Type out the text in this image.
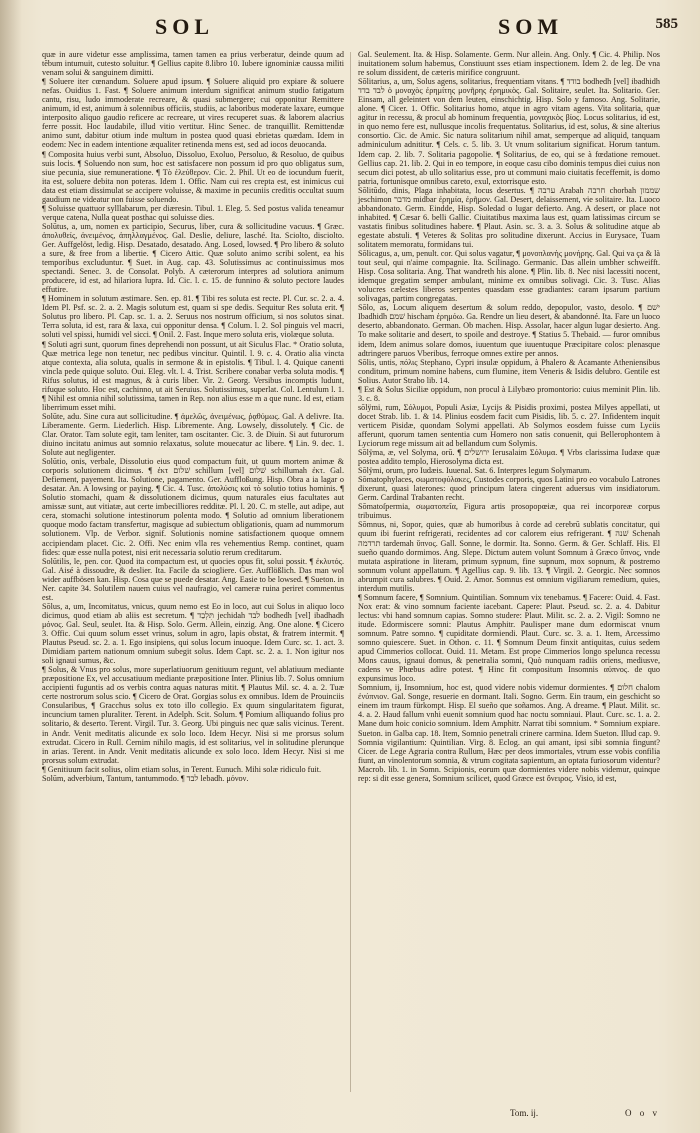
SOL	SOM	585

quæ in aure videtur esse amplissima, tamen tamen ea prius verberatur, deinde quum ad tĕbum intumuit, cutesto soluitur. ¶ Gellius capite 8.libro 10. Iubere ignominiæ caussa militi venam solui & sanguinem dimitti.

¶ Soluere iter cœnandum. Soluere apud ipsum. ¶ Soluere aliquid pro expiare & soluere nefas. Ouidius 1. Fast. ¶ Soluere animum interdum significat animum studio fatigatum cantu, risu, ludo immoderate recreare, & quasi submergere; cui opponitur Remittere animum, id est, animum à solennibus officiis, studiis, ac laboribus moderate laxare, eumque interposito aliquo gaudio reficere ac recreare, ut vires recuperet suas. & laborem alacrius ferre possit. Hoc laudabile, illud vitio vertitur. Hinc Senec. de tranquillit. Remittendæ animo sunt, dabitur otium inde multum in postea quod quasi ebrietas quædam. Idem in eodem: Nec in eadem intentione æqualiter retinenda mens est, sed ad iocos deuocanda.

¶ Composita huius verbi sunt, Absoluo, Dissoluo, Exoluo, Persoluo, & Resoluo, de quibus suis locis. ¶ Soluendo non sum, hoc est satisfacere non possum id pro quo obligatus sum, siue pecunia, siue remuneratione. ¶ Τὸ ἐλεύθερον. Cic. 2. Phil. Ut eo de iocundum fuerit, ita est, soluere debita non poteras. Idem 1. Offic. Nam cui res crepta est, est inimicus cui data est etiam dissimulat se accipere voluisse, & maxime in pecuniis creditis occultat suum gaudium ne videatur non fuisse soluendo.

¶ Soluisse quattuor sylllabarum, per diæresin. Tibul. 1. Eleg. 5. Sed postus valida teneamur verque catena, Nulla queat posthac qui soluisse dies.

Solūtus, a, um, nomen ex participio, Securus, liber, cura & sollicitudine vacuus. ¶ Græc. ἀπολυθείς, ἀνειμένος, ἀπηλλαγμένος. Gal. Deslie, deliure, lasché. Ita. Sciolto, disciolto. Ger. Auffgelöst, ledig. Hisp. Desatado, desatado. Ang. Losed, lowsed. ¶ Pro libero & soluto a sure, & free from a libertie. ¶ Cicero Attic. Quæ soluto animo scribi solent, ea his temporibus excluduntur. ¶ Suet. in Aug. cap. 43. Solutissimus ac continuissimus mos spectandi. Senec. 3. de Consolat. Polyb. A cæterorum interpres ad solutiora animum producere, id est, ad hilariora lupra. Id. Cic. l. c. 15. de funnino & soluto pectore laudes effutire.

¶ Hominem in solutum æstimare. Sen. ep. 81. ¶ Tibi res soluta est recte. Pl. Cur. sc. 2. a. 4. Idem Pl. Psf. sc. 2. a. 2. Magis solutum est, quam si spe dedis. Sequitur Res soluta erit. ¶ Solutus pro libero. Pl. Cap. sc. 1. a. 2. Seruus nos nostrum officium, si nos solutos sinat. Terra soluta, id est, rara & laxa, cui opponitur densa. ¶ Colum. l. 2. Sol pinguis vel macri, soluti vel spissi, humidi vel sicci. ¶ Onil. 2. Fast. Inque mero soluta eris, violæque soluta.

¶ Soluti agri sunt, quorum fines deprehendi non possunt, ut ait Siculus Flac. * Oratio soluta, Quæ metrica lege non tenetur, nec pedibus vincitur. Quintil. l. 9. c. 4. Oratio alia vincta atque contexta, alia soluta, qualis in sermone & in epistolis. ¶ Tibul. l. 4. Quique canenti vincla pede quique soluto. Oui. Eleg. vlt. l. 4. Trist. Scribere conabar verba soluta modis. ¶ Rifus solutus, id est magnus, & à curis liber. Vir. 2. Georg. Versibus incomptis ludunt, rifuque soluto. Hoc est, cachinno, ut ait Seruius. Solutissimus, superlat. Col. Lentulum l. 1. ¶ Nihil est omnia nihil solutissima, tamen in Rep. non alius esse m a que nunc. Id est, etiam liberrimum esset mihi.

Solūte, adu. Sine cura aut sollicitudine. ¶ ἀμελῶς, ἀνειμένως, ῥᾳθύμως. Gal. A delivre. Ita. Liberamente. Germ. Liederlich. Hisp. Libremente. Ang. Lowsely, dissolutely. ¶ Cic. de Clar. Orator. Tam solute egit, tam leniter, tam oscitanter. Cic. 3. de Diuin. Si aut futurorum diuino incitatu animus aut somnio relaxatus, solute mouecatur ac libere. ¶ Lin. 9. dec. 1. Solute aut negligenter.

Solūtio, onis, verbale, Dissolutio eius quod compactum fuit, ut quum mortem animæ & corporis solutionem dicimus. ¶ ἐκτ שׁלום schillum [vel] שׁלום schillumah ἐκτ. Gal. Defiement, payement. Ita. Solutione, pagamento. Ger. Auffloßung. Hisp. Obra a ia lagar o desatar. An. A lowsing or paying. ¶ Cic. 4. Tusc. ἀπολύσις καὶ τὸ solutio totius hominis. ¶ Solutio stomachi, quam & dissolutionem dicimus, quum naturales eius facultates aut amissæ sunt, aut vitiatæ, aut certe imbecilliores redditæ. Pl. l. 20. C. m stelle, aut adipe, aut cera, stomachi solutione intestinorum polenta modo. ¶ Solutio ad omnium liberationem quoque modo factam transfertur, magisque ad subiectum obligationis, quam ad nummorum solutionem. Vlp. de Verbor. signif. Solutionis nomine satisfactionem quoque omnem accipiendam placet. Cic. 2. Offi. Nec enim vlla res vehementius Remp. continet, quam fides: quæ esse nulla potest, nisi erit necessaria solutio rerum creditarum.

Solūtilis, le, pen. cor. Quod ita compactum est, ut quocies opus fit, solui possit. ¶ ἐκλυτός. Gal. Aisé à dissoudre, & deslier. Ita. Facile da sciogliere. Ger. Aufflößlich. Das man wol wider auffbösen kan. Hisp. Cosa que se puede desatar. Ang. Easie to be lowsed. ¶ Sueton. in Ner. capite 34. Solutilem nauem cuius vel naufragio, vel cameræ ruina periret commentus est.

Sōlus, a, um, Incomitatus, vnicus, quum nemo est Eo in loco, aut cui Solus in aliquo loco dicimus, quod etiam ab aliis est secretum. ¶ תִּלְבַד jechidah לבד bodhedh [vel] ibadhadh μόνος. Gal. Seul, seulet. Ita. & Hisp. Solo. Germ. Allein, einzig. Ang. One alone. ¶ Cicero 3. Offic. Cui quum solum esset vrinus, solum in agro, lapis obstat, & fratrem intermit. ¶ Plautus Pseud. sc. 2. a. 1. Ego insipiens, qui solus locum inuoque. Idem Curc. sc. 1. act. 3. Dimidiam partem nationum omnium subegit solus. Idem Capt. sc. 2. a. 1. Non igitur nos soli ignaui sumus, &c.

¶ Solus, & Vnus pro solus, more superlatiuorum genitiuum regunt, vel ablatiuum mediante præpositione Ex, vel accusatiuum mediante præpositione Inter. Plinius lib. 7. Solus omnium accipienti fuguntis ad os verbis contra aquas naturas mitit. ¶ Plautus Mil. sc. 4. a. 2. Tuæ certe nostrorum solus scio. ¶ Cicero de Orat. Gorgias solus ex omnibus. Idem de Prouinciis Consularibus, ¶ Gracchus solus ex toto illo collegio. Ex quum singularitatem figurat, incuncium tamen pluraliter. Terent. in Adelph. Scit. Solum. ¶ Pomium alliquando folius pro solitario, & deserto. Terent. Virgil. Tur. 3. Georg. Ubi pinguis nec quæ salis vicinus. Terent. in Andr. Venit meditatis alicunde ex solo loco. Idem Hecyr. Nisi si me prorsus solum extrudat. Cicero in Rull. Cernim nihilo magis, id est solitarius, vel in solitudine plerunque in arias. Terent. in Andr. Venit meditatis alicunde ex solo loco. Idem Hecyr. Nisi si me prorsus solum extrudat.

¶ Genitiuum facit solius, olim etiam solus, in Terent. Eunuch. Mihi solæ ridiculo fuit.

Solūm, adverbium, Tantum, tantummodo. ¶ לבד lebadh. μόνον.

Gal. Seulement. Ita. & Hisp. Solamente. Germ. Nur allein. Ang. Only. ¶ Cic. 4. Philip. Nos inuitationem solum habemus, Constiuunt sses etiam inspectionem. Idem 2. de leg. De vna re solum dissident, de cæteris mirifice congruunt.

Sōlitarius, a, um, Solus agens, solitarius, frequentiam vitans. ¶ בודד bodhedh [vel] ibadhidh לבד בדד ὁ μοναχὸς ἐρημίτης μονῆρης ἐρημικὸς. Gal. Solitaire, seulet. Ita. Solitario. Ger. Einsam, all geleintert von dem leuten, einschichtig. Hisp. Solo y famoso. Ang. Solitarie, alone. ¶ Cicer. 1. Offic. Solitarius homo, atque in agro vitam agens. Vita solitaria, quæ agitur in recessu, & procul ab hominum frequentia, μοναχικὸς βίος. Locus solitarius, id est, in quo nemo fere est, nullusque incolis frequentatus. Solitarius, id est, solus, & sine alterius consortio. Cic. de Amic. Sic natura solitarium nihil amat, semperque ad aliquid, tanquam adminiculum adnititur. ¶ Cels. c. 5. lib. 3. Ut vnum solitarium significat. Horum tantum. Idem cap. 2. lib. 7. Solitaria pagopolie. ¶ Solitarius, de eo, qui se à fœdatione remouet. Gellius cap. 21. lib. 2. Qui in eo tempore, in eoque casu cibo dominis tempus diei cuius non secum dici potest, ab ullo solitarius esse, pro ut communi maio ciuitatis feceffemit, is domo patria, fortunisque omnibus careto, exul, extorrisque esto.

Sōlitūdo, dinis, Plaga inhabitata, locus desertus. ¶ ערבה Arabah חרבה chorbah שממון jeschimon מדבר midbar ἐρημία, ἐρῆμον. Gal. Desert, delaissement, vie solitaire. Ita. Luoco abbandonato. Germ. Eindde, Hisp. Soledad o lugar defierto. Ang. A desert, or place not inhabited. ¶ Cæsar 6. belli Gallic. Ciuitatibus maxima laus est, quam latissimas circum se vastatis finibus solitudines habere. ¶ Plaut. Asin. sc. 3. a. 3. Solus & solitudine atque ab egestate abstuli. ¶ Veteres & Solitas pro solitudine dixerunt. Accius in Eurysace, Tuam solitatem memoratu, formidans tui.

Sōlicagus, a, um, penult. cor. Qui solus vagatur, ¶ μονοπλανὴς μονήρης. Gal. Qui va ça & là tout seul, qui n'aime compagnie. Ita. Scilinago. Germanic. Das allein umbher schweifft. Hisp. Cosa solitaria. Ang. That wandreth his alone. ¶ Plin. lib. 8. Nec nisi lacessiti nocent, idemque gregatim semper ambulant, minime ex omnibus solivagi. Cic. 3. Tusc. Alias volucres cælestes liberos serpentes quasdam esse gradiantes: caram ipsarum partium solivagas, partim congregatas.

Sōlo, as, Locum aliquem desertum & solum reddo, depopulor, vasto, desolo. ¶ ישׁם Ibadhidh שׁמם hischam ἐρημόω. Ga. Rendre un lieu desert, & abandonné. Ita. Fare un luoco deserto, abbandonato. German. Ob machen. Hisp. Assolar, hacer algun lugar desierto. Ang. To make solitarie and desert, to spoile and destroye. ¶ Statius 5. Thebaid. — furor omnibus idem, Idem animus solare domos, iuuentum que iuuentuque Præcipitare colos: plenasque adtringere paruos Vberibus, ferroque omnes extire per annos.

Sōlis, untis, πόλις Stephano, Cypri insulæ oppidum, à Phalero & Acamante Atheniensibus conditum, primum nomine habens, cum flumine, item Veneris & Isidis delubro. Gentile est Solius. Autor Strabo lib. 14.

¶ Est & Solus Siciliæ oppidum, non procul à Lilybæo promontorio: cuius meminit Plin. lib. 3. c. 8.

sōlÿmi, rum, Σόλυμοι, Populi Asiæ, Lycijs & Pisidis proximi, postea Milyes appellati, ut docet Strab. lib. 1. & 14. Plinius eosdem facit cum Pisidis, lib. 5. c. 27. Infidentem inquit verticem Pisidæ, quondam Solymi appellati. Ab Solymos eosdem fuisse cum Lyciis afferunt, quorum tamen sententia cum Homero non satis conuenit, qui Bellerophontem à Lyciorum rege missum ait ad bellandum cum Solymis.

Sōlÿma, æ, vel Solyma, orū. ¶ ירושלים Ierusalaim Σόλυμα. ¶ Vrbs clarissima Iudææ quæ postea addito templo, Hierosolyma dicta est.

Sōlÿmi, orum, pro Iudæis. Iuuenal. Sat. 6. Interpres legum Solymarum.

Sōmatophylaces, σωματοφύλακες, Custodes corporis, quos Latini pro eo vocabulo Latrones dixerunt, quasi laterones: quod principum latera cingerent aduersus vim insidiatorum. Germ. Cardinal Trabanten recht.

Sōmatoſpermia, σωματοπεῖα, Figura artis prosopopœiæ, qua rei incorporeæ corpus tribuimus.

Sōmnus, ni, Sopor, quies, quæ ab humoribus à corde ad cerebrū sublatis concitatur, qui quum ibi fuerint refrigerati, recidentes ad cor calorem eius refrigerant. ¶ שׁנה Schenah תרדמה tardemah ὕπνος. Gall. Sonne, le dormir. Ita. Sonno. Germ. & Ger. Schlaff. His. El sueño quando dormimos. Ang. Slepe. Dictum autem volunt Somnum à Græco ὕπνος, vnde mutata aspiratione in literam, primum sypnum, fine supnum, mox sopnum, & postremo somnum volunt appellatum. ¶ Agellius cap. 9. lib. 13. ¶ Virgil. 2. Georgic. Nec somnos abrumpit cura salubres. ¶ Ouid. 2. Amor. Somnus est omnium vigiliarum remedium, quies, interdum mutilis.

¶ Somnum facere, ¶ Somnium. Quintilian. Somnum vix tenebamus. ¶ Facere: Ouid. 4. Fast. Nox erat: & vino somnum faciente iacebant. Capere: Plaut. Pseud. sc. 2. a. 4. Dabitur lectus: vbi hand somnum capias. Somno studere: Plaut. Milit. sc. 2. a. 2. Vigil: Somno ne itude. Edormiscere somni: Plautus Amphitr. Paulisper mane dum edormiscat vnum somnum. Patre somno. ¶ cupiditate dormiendi. Plaut. Curc. sc. 3. a. 1. Item, Arcessimo somno quiescere. Suet. in Othon. c. 11. ¶ Somnum Deum finxit antiquitas, cuius sedem apud Cimmerios collocat. Ouid. 11. Metam. Est prope Cimmerios longo spelunca recessu Mons cauus, ignaui domus, & penetralia somni, Quò nunquam radiis oriens, mediusve, cadens ve Phœbus adire potest. ¶ Hinc fit compositum Insomnis αὐπνος. de quo expunsimus loco.

Somnium, ij, Insomnium, hoc est, quod videre nobis videmur dormientes. ¶ חלום chalom ἐνύπνιον. Gal. Songe, resuerie en dormant. Itali. Sogno. Germ. Ein traum, ein geschicht so einem im traum fürkompt. Hisp. El sueño que soñamos. Ang. A dreame. ¶ Plaut. Milit. sc. 4. a. 2. Haud fallum vnhi euenit somnium quod hac noctu somniaui. Plaut. Curc. sc. 1. a. 2. Mane dum hoic conicio somnium. Idem Amphitr. Narrat tibi somnium. * Somnium expiare. Sueton. in Galba cap. 18. Item, Somnio penetrali crinere carmina. Idem Sueton. Illud cap. 9. Somnia vigilantium: Quintilian. Virg. 8. Eclog. an qui amant, ipsi sibi somnia fingunt? Cicer. de Lege Agraria contra Rullum, Hæc per deos immortales, vtrum esse vobis confilia fiunt, an vinolentorum somnia, & vtrum cogitata sapientum, an optata furiosorum videntur? Macrob. lib. 1. in Somn. Scipionis, eorum quæ dormientes videre nobis videmur, quinque rep: si dit esse genera, Somnium scilicet, quod Græce est ὄνειρος. Visio, id est,

Tom. ij.	O o v
